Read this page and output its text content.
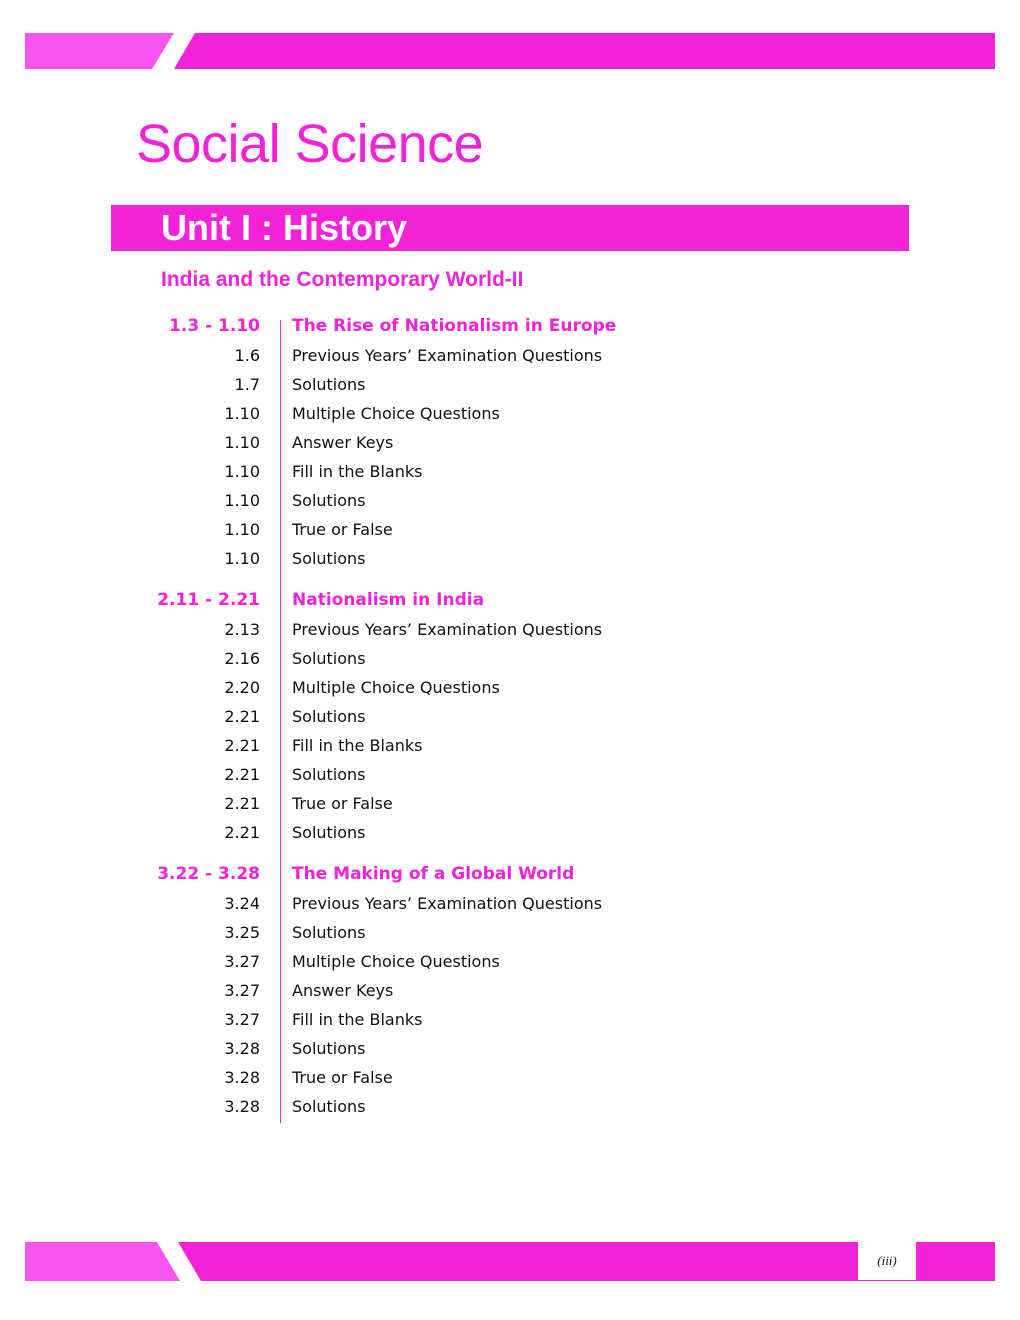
Social Science
Unit I : History
India and the Contemporary World-II
1.3 - 1.10 The Rise of Nationalism in Europe
1.6 Previous Years’ Examination Questions
1.7 Solutions
1.10 Multiple Choice Questions
1.10 Answer Keys
1.10 Fill in the Blanks
1.10 Solutions
1.10 True or False
1.10 Solutions
2.11 - 2.21 Nationalism in India
2.13 Previous Years’ Examination Questions
2.16 Solutions
2.20 Multiple Choice Questions
2.21 Solutions
2.21 Fill in the Blanks
2.21 Solutions
2.21 True or False
2.21 Solutions
3.22 - 3.28 The Making of a Global World
3.24 Previous Years’ Examination Questions
3.25 Solutions
3.27 Multiple Choice Questions
3.27 Answer Keys
3.27 Fill in the Blanks
3.28 Solutions
3.28 True or False
3.28 Solutions
(iii)
